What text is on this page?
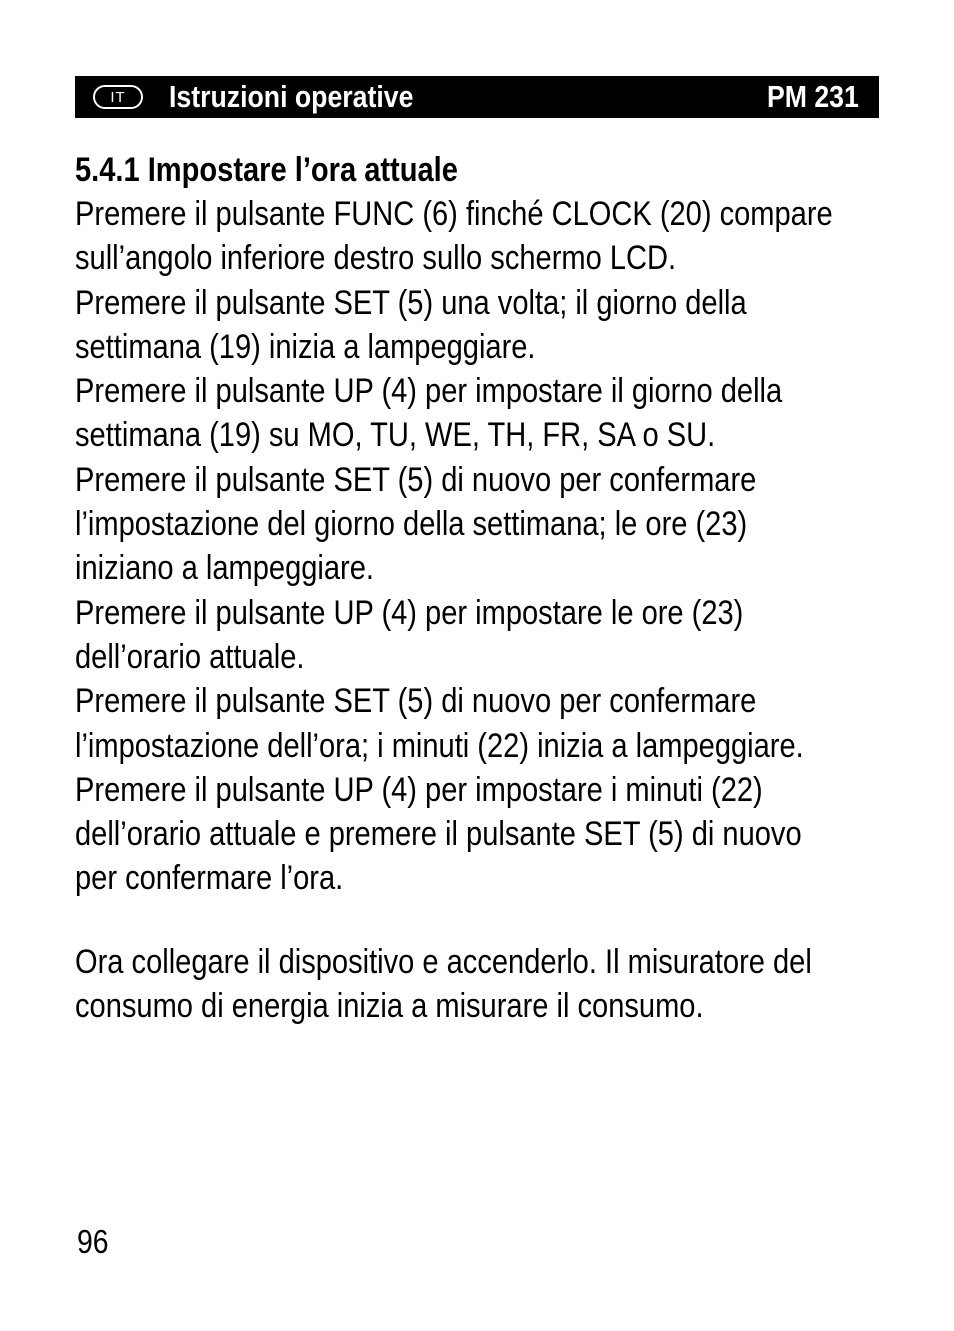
IT	Istruzioni operative	PM 231
5.4.1 Impostare l’ora attuale

Premere il pulsante FUNC (6) finché CLOCK (20) compare

sull’angolo inferiore destro sullo schermo LCD.

Premere il pulsante SET (5) una volta; il giorno della

settimana (19) inizia a lampeggiare.

Premere il pulsante UP (4) per impostare il giorno della

settimana (19) su MO, TU, WE, TH, FR, SA o SU.

Premere il pulsante SET (5) di nuovo per confermare

l’impostazione del giorno della settimana; le ore (23)

iniziano a lampeggiare.

Premere il pulsante UP (4) per impostare le ore (23)

dell’orario attuale.

Premere il pulsante SET (5) di nuovo per confermare

l’impostazione dell’ora; i minuti (22) inizia a lampeggiare.

Premere il pulsante UP (4) per impostare i minuti (22)

dell’orario attuale e premere il pulsante SET (5) di nuovo

per confermare l’ora.

Ora collegare il dispositivo e accenderlo. Il misuratore del

consumo di energia inizia a misurare il consumo.

96
